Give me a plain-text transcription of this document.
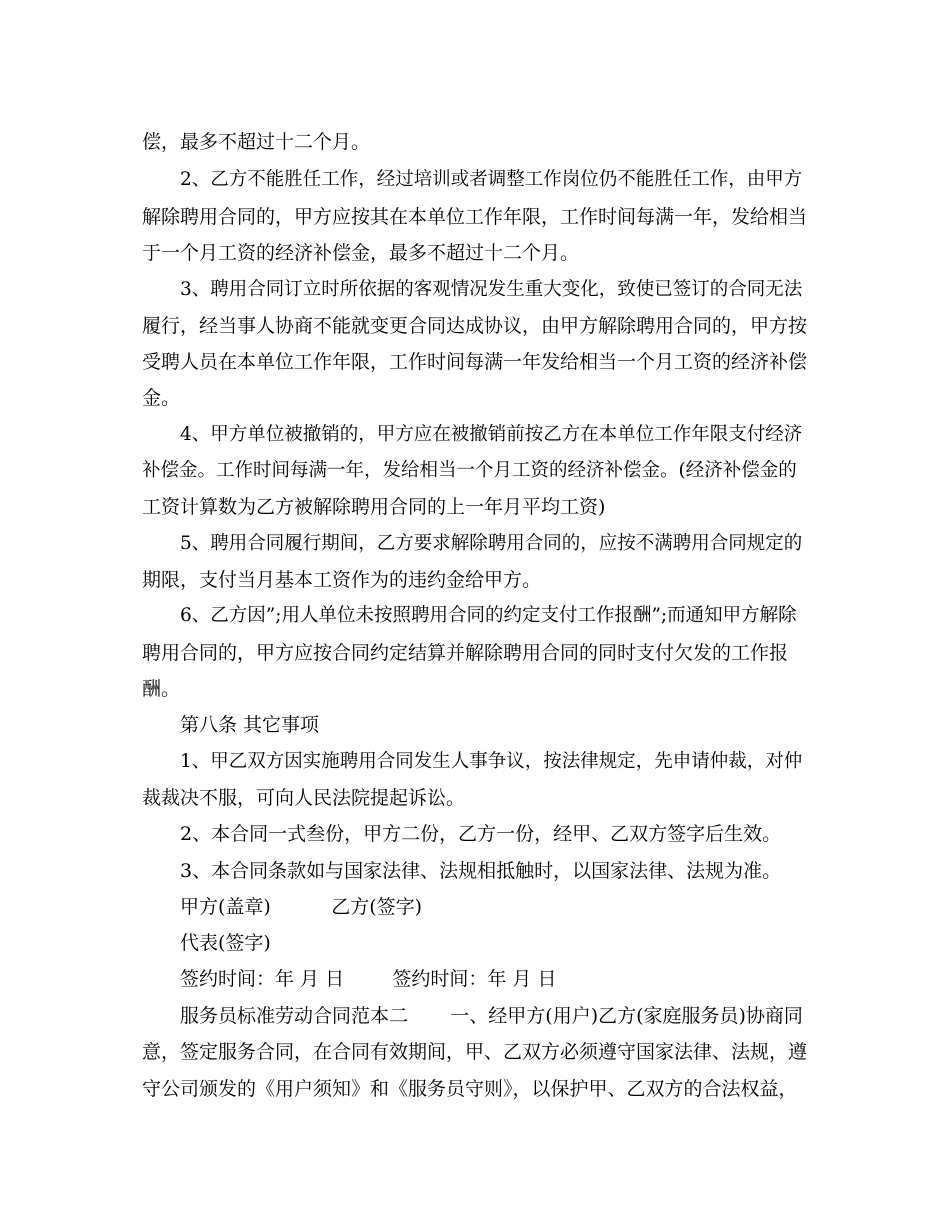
偿，最多不超过十二个月。
2、乙方不能胜任工作，经过培训或者调整工作岗位仍不能胜任工作，由甲方
解除聘用合同的，甲方应按其在本单位工作年限，工作时间每满一年，发给相当
于一个月工资的经济补偿金，最多不超过十二个月。
3、聘用合同订立时所依据的客观情况发生重大变化，致使已签订的合同无法
履行，经当事人协商不能就变更合同达成协议，由甲方解除聘用合同的，甲方按
受聘人员在本单位工作年限，工作时间每满一年发给相当一个月工资的经济补偿
金。
4、甲方单位被撤销的，甲方应在被撤销前按乙方在本单位工作年限支付经济
补偿金。工作时间每满一年，发给相当一个月工资的经济补偿金。(经济补偿金的
工资计算数为乙方被解除聘用合同的上一年月平均工资)
5、聘用合同履行期间，乙方要求解除聘用合同的，应按不满聘用合同规定的
期限，支付当月基本工资作为的违约金给甲方。
6、乙方因”;用人单位未按照聘用合同的约定支付工作报酬”;而通知甲方解除
聘用合同的，甲方应按合同约定结算并解除聘用合同的同时支付欠发的工作报
酬。
第八条 其它事项
1、甲乙双方因实施聘用合同发生人事争议，按法律规定，先申请仲裁，对仲
裁裁决不服，可向人民法院提起诉讼。
2、本合同一式叁份，甲方二份，乙方一份，经甲、乙双方签字后生效。
3、本合同条款如与国家法律、法规相抵触时，以国家法律、法规为准。
甲方(盖章)          乙方(签字)
代表(签字)
签约时间：年 月 日        签约时间：年 月 日
服务员标准劳动合同范本二       一、经甲方(用户)乙方(家庭服务员)协商同
意，签定服务合同，在合同有效期间，甲、乙双方必须遵守国家法律、法规，遵
守公司颁发的《用户须知》和《服务员守则》，以保护甲、乙双方的合法权益，
